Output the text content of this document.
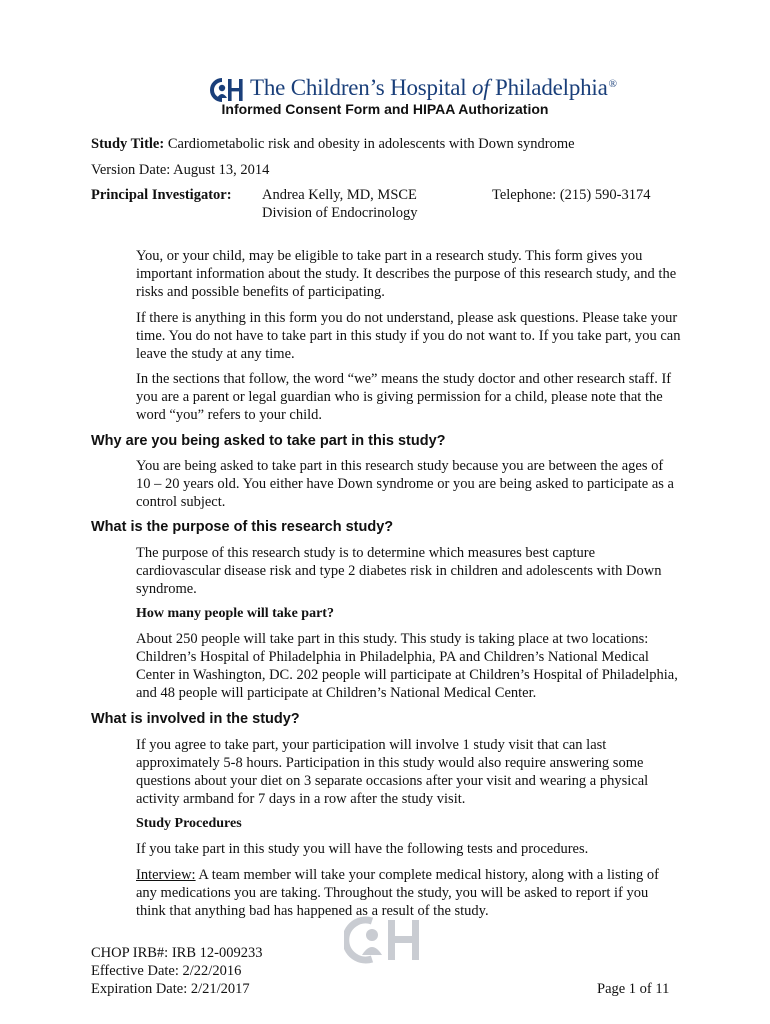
The Children’s Hospital of Philadelphia®
Informed Consent Form and HIPAA Authorization
Study Title: Cardiometabolic risk and obesity in adolescents with Down syndrome
Version Date: August 13, 2014
Principal Investigator: Andrea Kelly, MD, MSCE
Division of Endocrinology
Telephone: (215) 590-3174
You, or your child, may be eligible to take part in a research study. This form gives you important information about the study. It describes the purpose of this research study, and the risks and possible benefits of participating.
If there is anything in this form you do not understand, please ask questions. Please take your time. You do not have to take part in this study if you do not want to. If you take part, you can leave the study at any time.
In the sections that follow, the word “we” means the study doctor and other research staff. If you are a parent or legal guardian who is giving permission for a child, please note that the word “you” refers to your child.
Why are you being asked to take part in this study?
You are being asked to take part in this research study because you are between the ages of 10 – 20 years old. You either have Down syndrome or you are being asked to participate as a control subject.
What is the purpose of this research study?
The purpose of this research study is to determine which measures best capture cardiovascular disease risk and type 2 diabetes risk in children and adolescents with Down syndrome.
How many people will take part?
About 250 people will take part in this study. This study is taking place at two locations: Children’s Hospital of Philadelphia in Philadelphia, PA and Children’s National Medical Center in Washington, DC. 202 people will participate at Children’s Hospital of Philadelphia, and 48 people will participate at Children’s National Medical Center.
What is involved in the study?
If you agree to take part, your participation will involve 1 study visit that can last approximately 5-8 hours. Participation in this study would also require answering some questions about your diet on 3 separate occasions after your visit and wearing a physical activity armband for 7 days in a row after the study visit.
Study Procedures
If you take part in this study you will have the following tests and procedures.
Interview: A team member will take your complete medical history, along with a listing of any medications you are taking. Throughout the study, you will be asked to report if you think that anything bad has happened as a result of the study.
CHOP IRB#: IRB 12-009233
Effective Date: 2/22/2016
Expiration Date: 2/21/2017	Page 1 of 11
